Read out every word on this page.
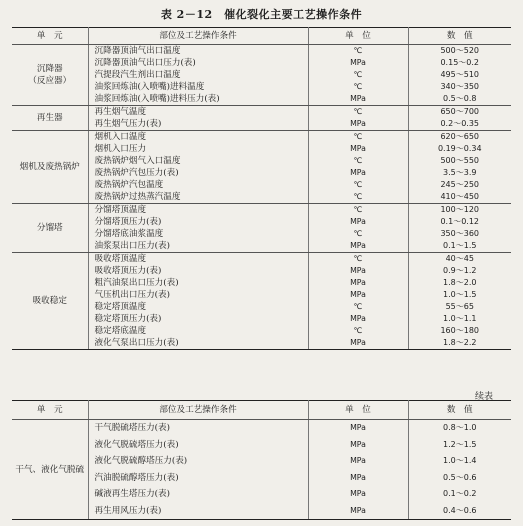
表 2－12　催化裂化主要工艺操作条件
单　元	部位及工艺操作条件	单　位	数　值

沉降器
（反应器）	沉降器顶油气出口温度	℃	500～520
	沉降器顶油气出口压力(表)	MPa	0.15～0.2
	汽提段汽生剂出口温度	℃	495～510
	油浆回炼油(入喷嘴)进料温度	℃	340～350
	油浆回炼油(入喷嘴)进料压力(表)	MPa	0.5～0.8

再生器	再生烟气温度	℃	650～700
	再生烟气压力(表)	MPa	0.2～0.35

烟机及废热锅炉	烟机入口温度	℃	620～650
	烟机入口压力	MPa	0.19～0.34
	废热锅炉烟气入口温度	℃	500～550
	废热锅炉汽包压力(表)	MPa	3.5～3.9
	废热锅炉汽包温度	℃	245～250
	废热锅炉过热蒸汽温度	℃	410～450

分馏塔	分馏塔顶温度	℃	100～120
	分馏塔顶压力(表)	MPa	0.1～0.12
	分馏塔底油浆温度	℃	350～360
	油浆泵出口压力(表)	MPa	0.1～1.5

吸收稳定	吸收塔顶温度	℃	40～45
	吸收塔顶压力(表)	MPa	0.9～1.2
	粗汽油泵出口压力(表)	MPa	1.8～2.0
	气压机出口压力(表)	MPa	1.0～1.5
	稳定塔顶温度	℃	55～65
	稳定塔顶压力(表)	MPa	1.0～1.1
	稳定塔底温度	℃	160～180
	液化气泵出口压力(表)	MPa	1.8～2.2
续表
单　元	部位及工艺操作条件	单　位	数　值

干气、液化气脱硫	干气脱硫塔压力(表)	MPa	0.8～1.0
	液化气脱硫塔压力(表)	MPa	1.2～1.5
	液化气脱硫醇塔压力(表)	MPa	1.0～1.4
	汽油脱硫醇塔压力(表)	MPa	0.5～0.6
	碱液再生塔压力(表)	MPa	0.1～0.2
	再生用风压力(表)	MPa	0.4～0.6
